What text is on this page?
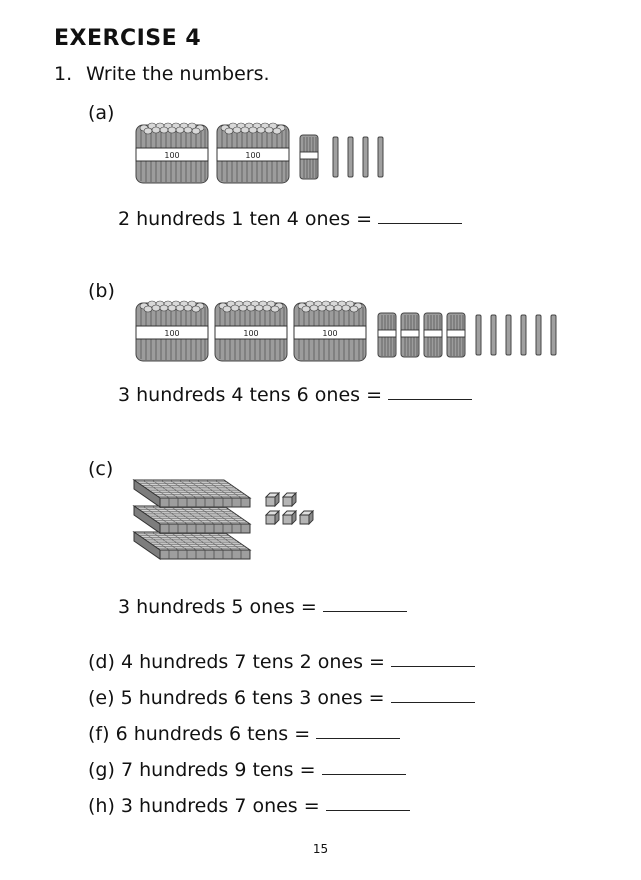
EXERCISE 4
1. Write the numbers.
(a)
2 hundreds 1 ten 4 ones =
(b)
3 hundreds 4 tens 6 ones =
(c)
3 hundreds 5 ones =
(d) 4 hundreds 7 tens 2 ones =
(e) 5 hundreds 6 tens 3 ones =
(f) 6 hundreds 6 tens =
(g) 7 hundreds 9 tens =
(h) 3 hundreds 7 ones =
15
